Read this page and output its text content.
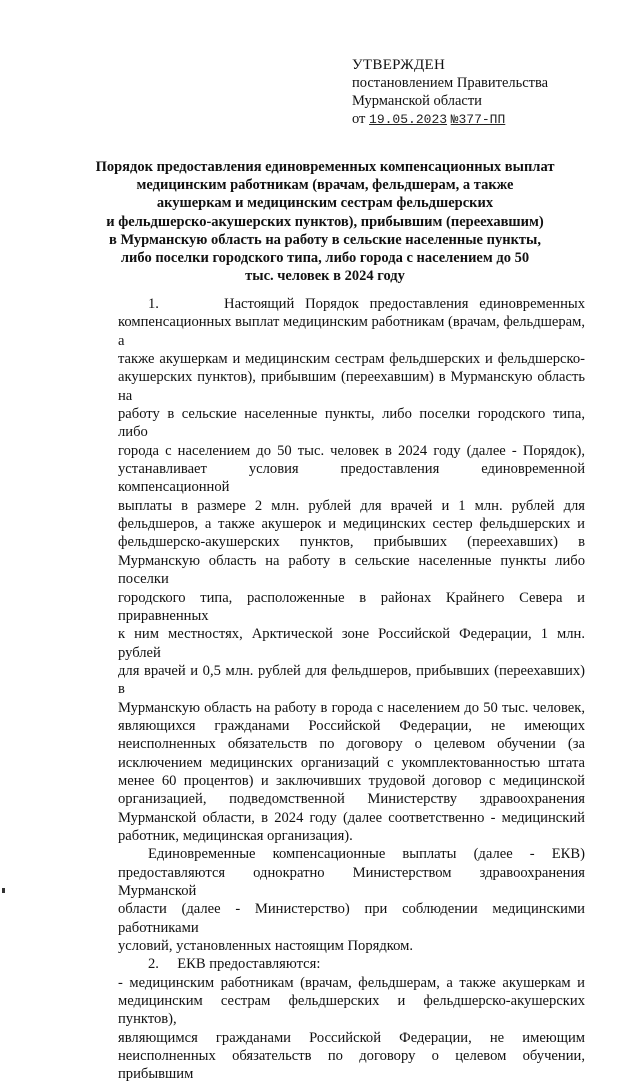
УТВЕРЖДЕН
постановлением Правительства
Мурманской области
от 19.05.2023 №377-ПП
Порядок предоставления единовременных компенсационных выплат
медицинским работникам (врачам, фельдшерам, а также
акушеркам и медицинским сестрам фельдшерских
и фельдшерско-акушерских пунктов), прибывшим (переехавшим)
в Мурманскую область на работу в сельские населенные пункты,
либо поселки городского типа, либо города с населением до 50
тыс. человек в 2024 году
1.      Настоящий Порядок предоставления единовременных
компенсационных выплат медицинским работникам (врачам, фельдшерам, а
также акушеркам и медицинским сестрам фельдшерских и фельдшерско-
акушерских пунктов), прибывшим (переехавшим) в Мурманскую область на
работу в сельские населенные пункты, либо поселки городского типа, либо
города с населением до 50 тыс. человек в 2024 году (далее - Порядок),
устанавливает условия предоставления единовременной компенсационной
выплаты в размере 2 млн. рублей для врачей и 1 млн. рублей для
фельдшеров, а также акушерок и медицинских сестер фельдшерских и
фельдшерско-акушерских пунктов, прибывших (переехавших) в
Мурманскую область на работу в сельские населенные пункты либо поселки
городского типа, расположенные в районах Крайнего Севера и приравненных
к ним местностях, Арктической зоне Российской Федерации, 1 млн. рублей
для врачей и 0,5 млн. рублей для фельдшеров, прибывших (переехавших) в
Мурманскую область на работу в города с населением до 50 тыс. человек,
являющихся гражданами Российской Федерации, не имеющих
неисполненных обязательств по договору о целевом обучении (за
исключением медицинских организаций с укомплектованностью штата
менее 60 процентов) и заключивших трудовой договор с медицинской
организацией, подведомственной Министерству здравоохранения
Мурманской области, в 2024 году (далее соответственно - медицинский
работник, медицинская организация).
Единовременные компенсационные выплаты (далее - ЕКВ)
предоставляются однократно Министерством здравоохранения Мурманской
области (далее - Министерство) при соблюдении медицинскими работниками
условий, установленных настоящим Порядком.
2.     ЕКВ предоставляются:
- медицинским работникам (врачам, фельдшерам, а также акушеркам и
медицинским сестрам фельдшерских и фельдшерско-акушерских пунктов),
являющимся гражданами Российской Федерации, не имеющим
неисполненных обязательств по договору о целевом обучении, прибывшим
